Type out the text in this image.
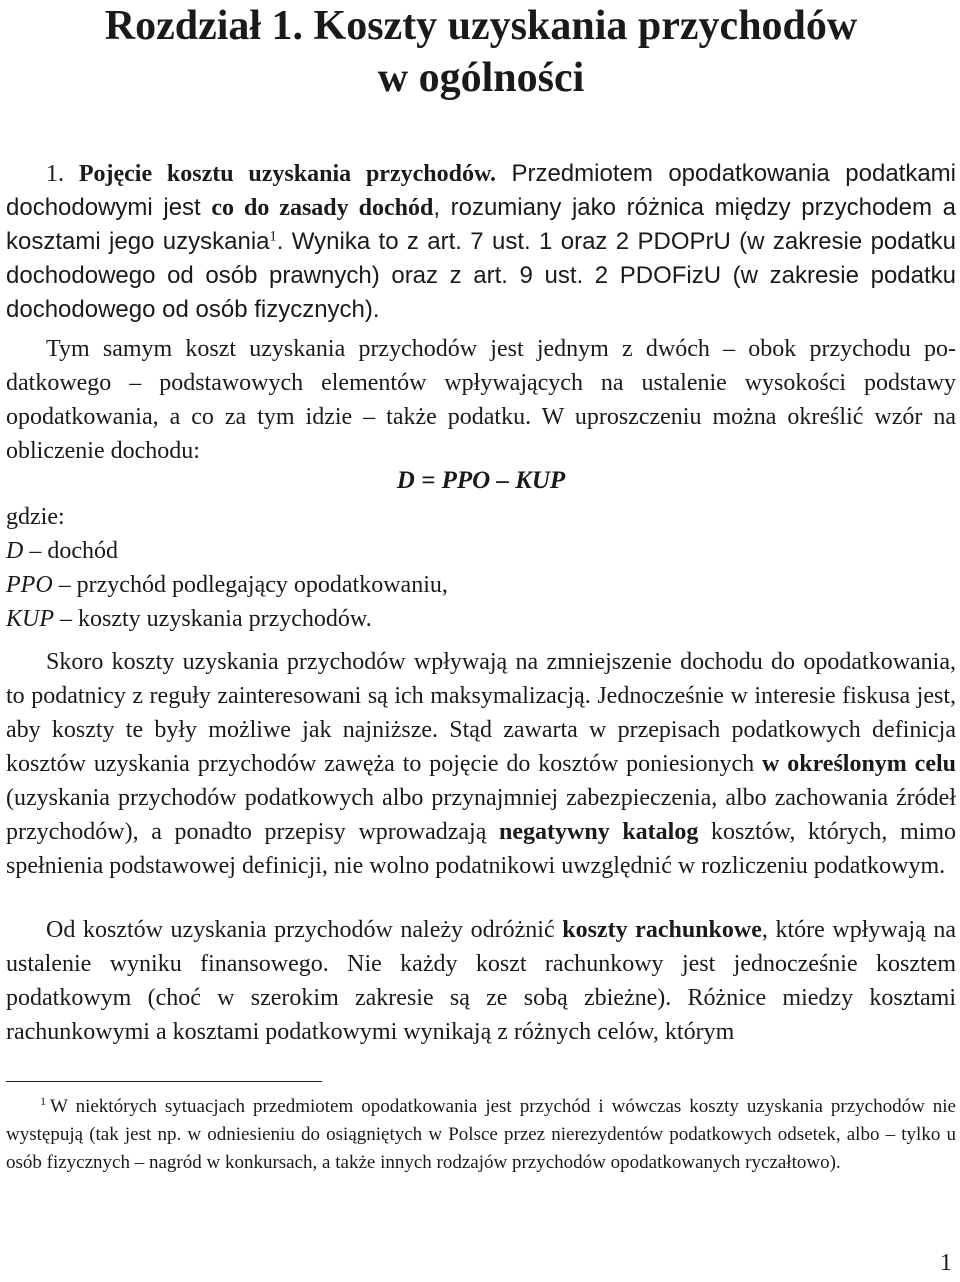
Rozdział 1. Koszty uzyskania przychodów
w ogólności

1. Pojęcie kosztu uzyskania przychodów. Przedmiotem opodatkowania podatkami dochodowymi jest co do zasady dochód, rozumiany jako różnica między przychodem a kosztami jego uzyskania$^1$. Wynika to z art. 7 ust. 1 oraz 2 PDOPrU (w zakresie podatku dochodowego od osób prawnych) oraz z art. 9 ust. 2 PDOFizU (w zakresie podatku dochodowego od osób fizycznych).

Tym samym koszt uzyskania przychodów jest jednym z dwóch – obok przychodu podatkowego – podstawowych elementów wpływających na ustalenie wysokości podstawy opodatkowania, a co za tym idzie – także podatku. W uproszczeniu można określić wzór na obliczenie dochodu:

D = PPO – KUP

gdzie:
D – dochód
PPO – przychód podlegający opodatkowaniu,
KUP – koszty uzyskania przychodów.

Skoro koszty uzyskania przychodów wpływają na zmniejszenie dochodu do opodatkowania, to podatnicy z reguły zainteresowani są ich maksymalizacją. Jednocześnie w interesie fiskusa jest, aby koszty te były możliwe jak najniższe. Stąd zawarta w przepisach podatkowych definicja kosztów uzyskania przychodów zawęża to pojęcie do kosztów poniesionych w określonym celu (uzyskania przychodów podatkowych albo przynajmniej zabezpieczenia, albo zachowania źródeł przychodów), a ponadto przepisy wprowadzają negatywny katalog kosztów, których, mimo spełnienia podstawowej definicji, nie wolno podatnikowi uwzględnić w rozliczeniu podatkowym.

Od kosztów uzyskania przychodów należy odróżnić koszty rachunkowe, które wpływają na ustalenie wyniku finansowego. Nie każdy koszt rachunkowy jest jednocześnie kosztem podatkowym (choć w szerokim zakresie są ze sobą zbieżne). Różnice miedzy kosztami rachunkowymi a kosztami podatkowymi wynikają z różnych celów, którym

$^1$ W niektórych sytuacjach przedmiotem opodatkowania jest przychód i wówczas koszty uzyskania przychodów nie występują (tak jest np. w odniesieniu do osiągniętych w Polsce przez nierezydentów podatkowych odsetek, albo – tylko u osób fizycznych – nagród w konkursach, a także innych rodzajów przychodów opodatkowanych ryczałtowo).

1
